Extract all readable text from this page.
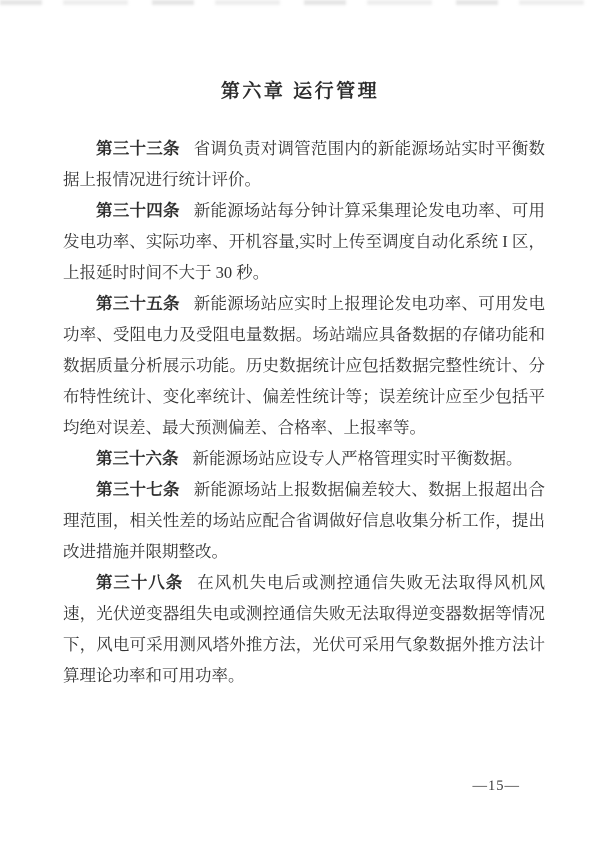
第六章 运行管理

第三十三条 省调负责对调管范围内的新能源场站实时平衡数据上报情况进行统计评价。

第三十四条 新能源场站每分钟计算采集理论发电功率、可用发电功率、实际功率、开机容量,实时上传至调度自动化系统 I 区，上报延时时间不大于 30 秒。

第三十五条 新能源场站应实时上报理论发电功率、可用发电功率、受阻电力及受阻电量数据。场站端应具备数据的存储功能和数据质量分析展示功能。历史数据统计应包括数据完整性统计、分布特性统计、变化率统计、偏差性统计等；误差统计应至少包括平均绝对误差、最大预测偏差、合格率、上报率等。

第三十六条 新能源场站应设专人严格管理实时平衡数据。

第三十七条 新能源场站上报数据偏差较大、数据上报超出合理范围，相关性差的场站应配合省调做好信息收集分析工作，提出改进措施并限期整改。

第三十八条 在风机失电后或测控通信失败无法取得风机风速，光伏逆变器组失电或测控通信失败无法取得逆变器数据等情况下，风电可采用测风塔外推方法，光伏可采用气象数据外推方法计算理论功率和可用功率。

—15—
